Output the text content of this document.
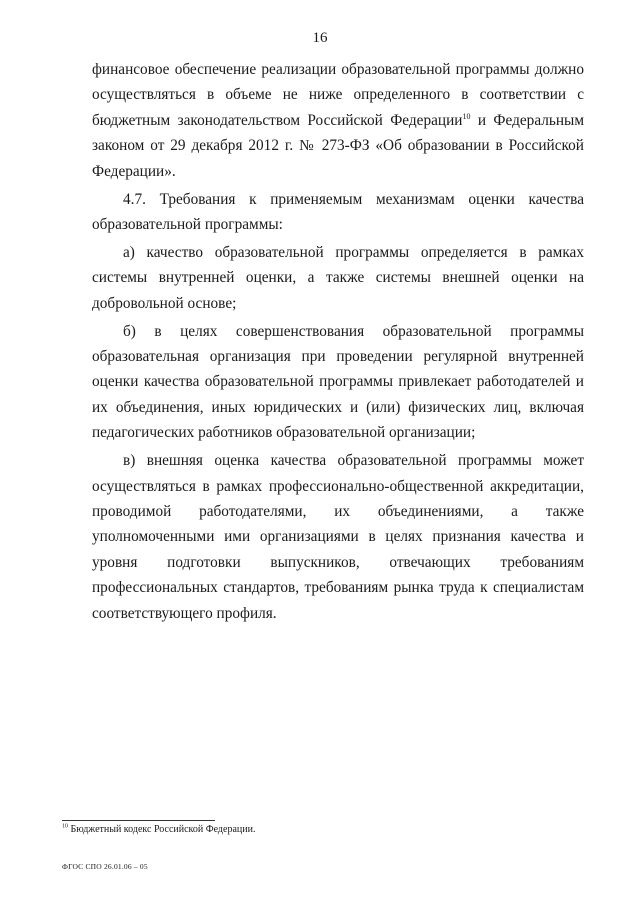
16

финансовое обеспечение реализации образовательной программы должно осуществляться в объеме не ниже определенного в соответствии с бюджетным законодательством Российской Федерации$^{10}$ и Федеральным законом от 29 декабря 2012 г. № 273-ФЗ «Об образовании в Российской Федерации».

4.7. Требования к применяемым механизмам оценки качества образовательной программы:

а) качество образовательной программы определяется в рамках системы внутренней оценки, а также системы внешней оценки на добровольной основе;

б) в целях совершенствования образовательной программы образовательная организация при проведении регулярной внутренней оценки качества образовательной программы привлекает работодателей и их объединения, иных юридических и (или) физических лиц, включая педагогических работников образовательной организации;

в) внешняя оценка качества образовательной программы может осуществляться в рамках профессионально-общественной аккредитации, проводимой работодателями, их объединениями, а также уполномоченными ими организациями в целях признания качества и уровня подготовки выпускников, отвечающих требованиям профессиональных стандартов, требованиям рынка труда к специалистам соответствующего профиля.

$^{10}$ Бюджетный кодекс Российской Федерации.
ФГОС СПО 26.01.06 – 05
